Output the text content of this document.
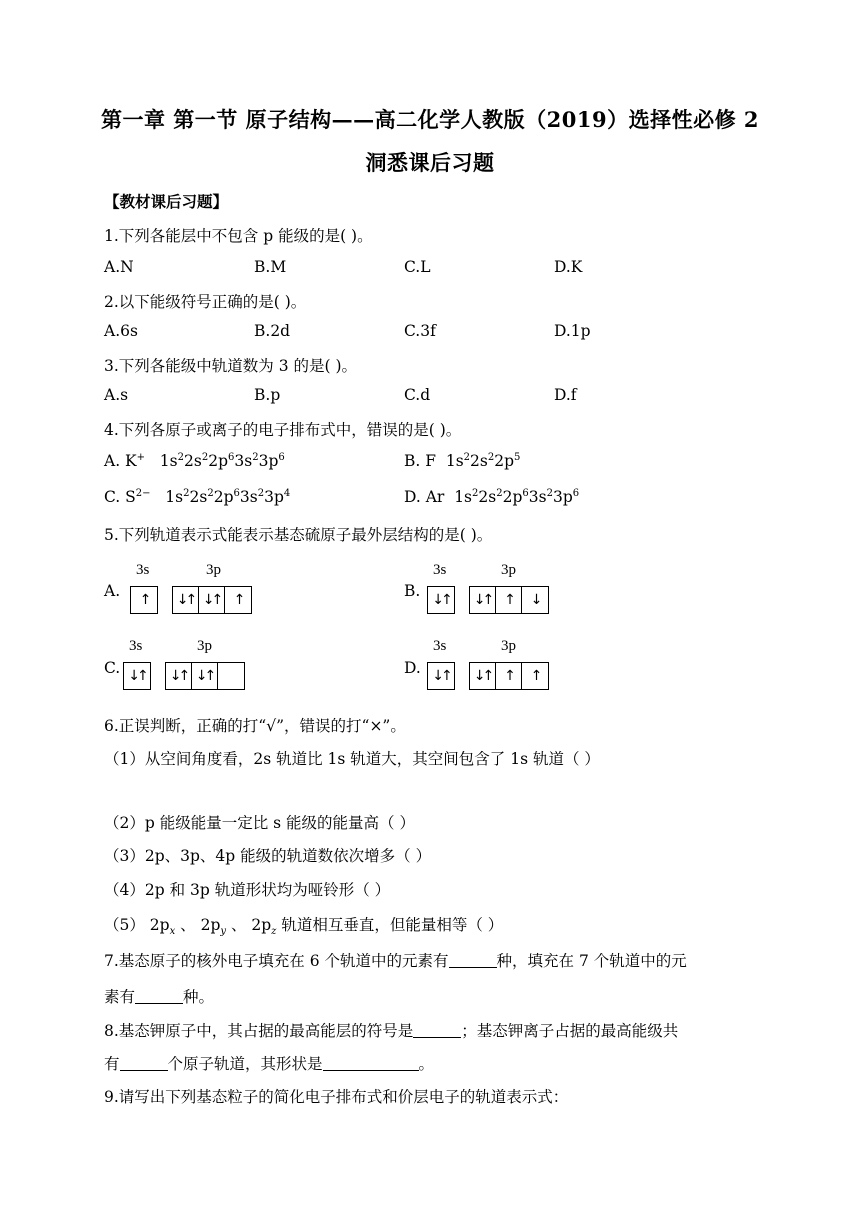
第一章 第一节 原子结构——高二化学人教版（2019）选择性必修 2
洞悉课后习题
【教材课后习题】
1.下列各能层中不包含 p 能级的是( )。
A.N	B.M	C.L	D.K
2.以下能级符号正确的是( )。
A.6s	B.2d	C.3f	D.1p
3.下列各能级中轨道数为 3 的是( )。
A.s	B.p	C.d	D.f
4.下列各原子或离子的电子排布式中，错误的是( )。
A. K+   $1s^22s^22p^63s^23p^6$	B. F  $1s^22s^22p^5$
C. $S^{2-}$   $1s^22s^22p^63s^23p^4$	D. Ar  $1s^22s^22p^63s^23p^6$
5.下列轨道表示式能表示基态硫原子最外层结构的是( )。
A.
3s	3p
↑	↓↑ ↓↑ ↑	B.
3s	3p
↓↑	↓↑ ↑	↓
C.
3s	3p
↓↑	↓↑ ↓↑	D.
3s	3p
↓↑	↓↑ ↑	↑
6.正误判断，正确的打“√”，错误的打“×”。
（1）从空间角度看，2s 轨道比 1s 轨道大，其空间包含了 1s 轨道（ ）
（2）p 能级能量一定比 s 能级的能量高（ ）
（3）2p、3p、4p 能级的轨道数依次增多（ ）
（4）2p 和 3p 轨道形状均为哑铃形（ ）
（5） $2p_x$ 、 $2p_y$ 、 $2p_z$ 轨道相互垂直，但能量相等（ ）
7.基态原子的核外电子填充在 6 个轨道中的元素有	种，填充在 7 个轨道中的元
素有	种。
8.基态钾原子中，其占据的最高能层的符号是	；基态钾离子占据的最高能级共
有	个原子轨道，其形状是	。
9.请写出下列基态粒子的简化电子排布式和价层电子的轨道表示式：
